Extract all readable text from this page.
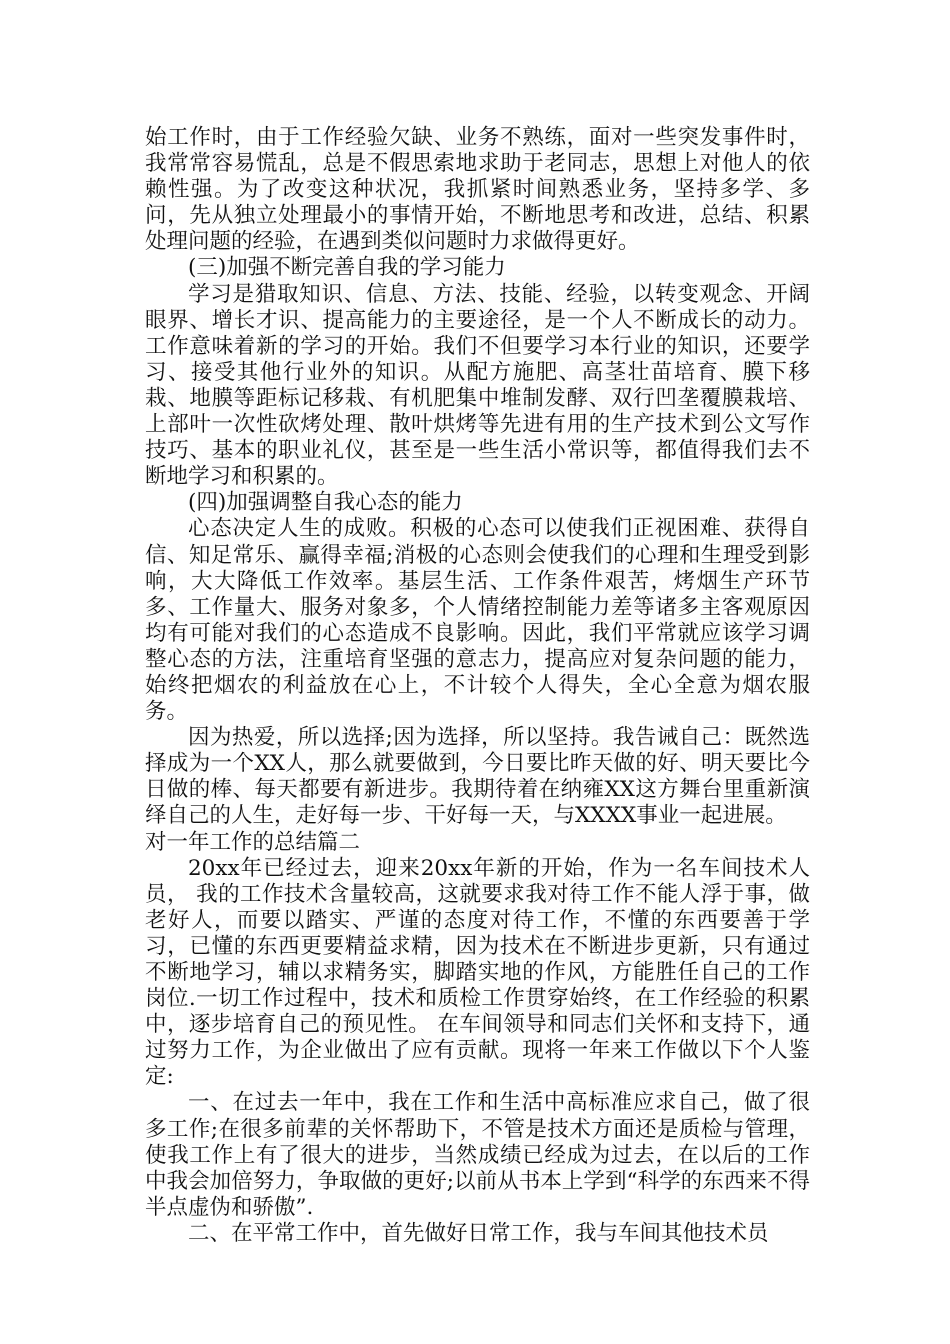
始工作时，由于工作经验欠缺、业务不熟练，面对一些突发事件时，我常常容易慌乱，总是不假思索地求助于老同志，思想上对他人的依赖性强。为了改变这种状况，我抓紧时间熟悉业务，坚持多学、多问，先从独立处理最小的事情开始，不断地思考和改进，总结、积累处理问题的经验，在遇到类似问题时力求做得更好。

(三)加强不断完善自我的学习能力

学习是猎取知识、信息、方法、技能、经验，以转变观念、开阔眼界、增长才识、提高能力的主要途径，是一个人不断成长的动力。工作意味着新的学习的开始。我们不但要学习本行业的知识，还要学习、接受其他行业外的知识。从配方施肥、高茎壮苗培育、膜下移栽、地膜等距标记移栽、有机肥集中堆制发酵、双行凹垄覆膜栽培、上部叶一次性砍烤处理、散叶烘烤等先进有用的生产技术到公文写作技巧、基本的职业礼仪，甚至是一些生活小常识等，都值得我们去不断地学习和积累的。

(四)加强调整自我心态的能力

心态决定人生的成败。积极的心态可以使我们正视困难、获得自信、知足常乐、赢得幸福;消极的心态则会使我们的心理和生理受到影响，大大降低工作效率。基层生活、工作条件艰苦，烤烟生产环节多、工作量大、服务对象多，个人情绪控制能力差等诸多主客观原因均有可能对我们的心态造成不良影响。因此，我们平常就应该学习调整心态的方法，注重培育坚强的意志力，提高应对复杂问题的能力，始终把烟农的利益放在心上，不计较个人得失，全心全意为烟农服务。

因为热爱，所以选择;因为选择，所以坚持。我告诫自己：既然选择成为一个XX人，那么就要做到，今日要比昨天做的好、明天要比今日做的棒、每天都要有新进步。我期待着在纳雍XX这方舞台里重新演绎自己的人生，走好每一步、干好每一天，与XXXX事业一起进展。

对一年工作的总结篇二

20xx年已经过去，迎来20xx年新的开始，作为一名车间技术人员， 我的工作技术含量较高，这就要求我对待工作不能人浮于事，做老好人，而要以踏实、严谨的态度对待工作，不懂的东西要善于学习，已懂的东西更要精益求精，因为技术在不断进步更新，只有通过不断地学习，辅以求精务实，脚踏实地的作风，方能胜任自己的工作岗位.一切工作过程中，技术和质检工作贯穿始终，在工作经验的积累中，逐步培育自己的预见性。 在车间领导和同志们关怀和支持下，通过努力工作，为企业做出了应有贡献。现将一年来工作做以下个人鉴定:

一、在过去一年中，我在工作和生活中高标准应求自己，做了很多工作;在很多前辈的关怀帮助下，不管是技术方面还是质检与管理，使我工作上有了很大的进步，当然成绩已经成为过去，在以后的工作中我会加倍努力，争取做的更好;以前从书本上学到“科学的东西来不得半点虚伪和骄傲”.

二、在平常工作中，首先做好日常工作，我与车间其他技术员
